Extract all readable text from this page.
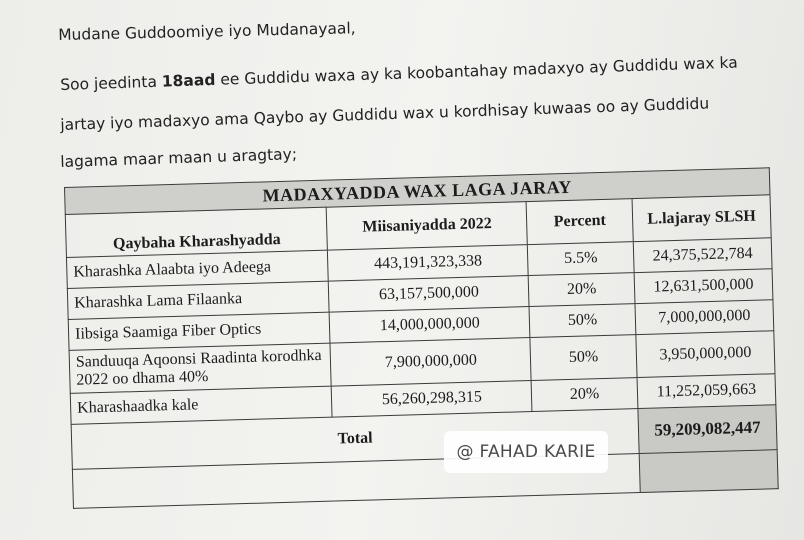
Mudane Guddoomiye iyo Mudanayaal,
Soo jeedinta 18aad ee Guddidu waxa ay ka koobantahay madaxyo ay Guddidu wax ka
jartay iyo madaxyo ama Qaybo ay Guddidu wax u kordhisay kuwaas oo ay Guddidu
lagama maar maan u aragtay;
MADAXYADDA WAX LAGA JARAY			
Qaybaha Kharashyadda	Miisaniyadda 2022	Percent	L.lajaray SLSH
Kharashka Alaabta iyo Adeega	443,191,323,338	5.5%	24,375,522,784
Kharashka Lama Filaanka	63,157,500,000	20%	12,631,500,000
Iibsiga Saamiga Fiber Optics	14,000,000,000	50%	7,000,000,000
Sanduuqa Aqoonsi Raadinta korodhka 2022 oo dhama 40%	7,900,000,000	50%	3,950,000,000
Kharashaadka kale	56,260,298,315	20%	11,252,059,663
Total			59,209,082,447

@ FAHAD KARIE
